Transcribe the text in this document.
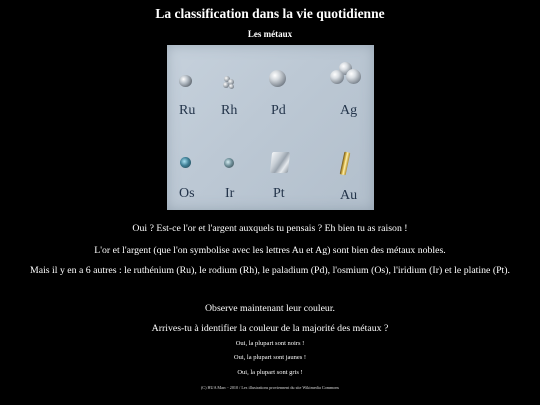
La classification dans la vie quotidienne
Les métaux
Ru Rh Pd	Ag
Os Ir	Pt	Au
Oui ? Est-ce l'or et l'argent auxquels tu pensais ? Eh bien tu as raison !
L'or et l'argent (que l'on symbolise avec les lettres Au et Ag) sont bien des métaux nobles.
Mais il y en a 6 autres : le ruthénium (Ru), le rodium (Rh), le paladium (Pd), l'osmium (Os), l'iridium (Ir) et le platine (Pt).
Observe maintenant leur couleur.
Arrives-tu à identifier la couleur de la majorité des métaux ?
Oui, la plupart sont noirs !
Oui, la plupart sont jaunes !
Oui, la plupart sont gris !
(C) HUA Marc - 2010 / Les illustrations proviennent du site Wikimedia Commons
